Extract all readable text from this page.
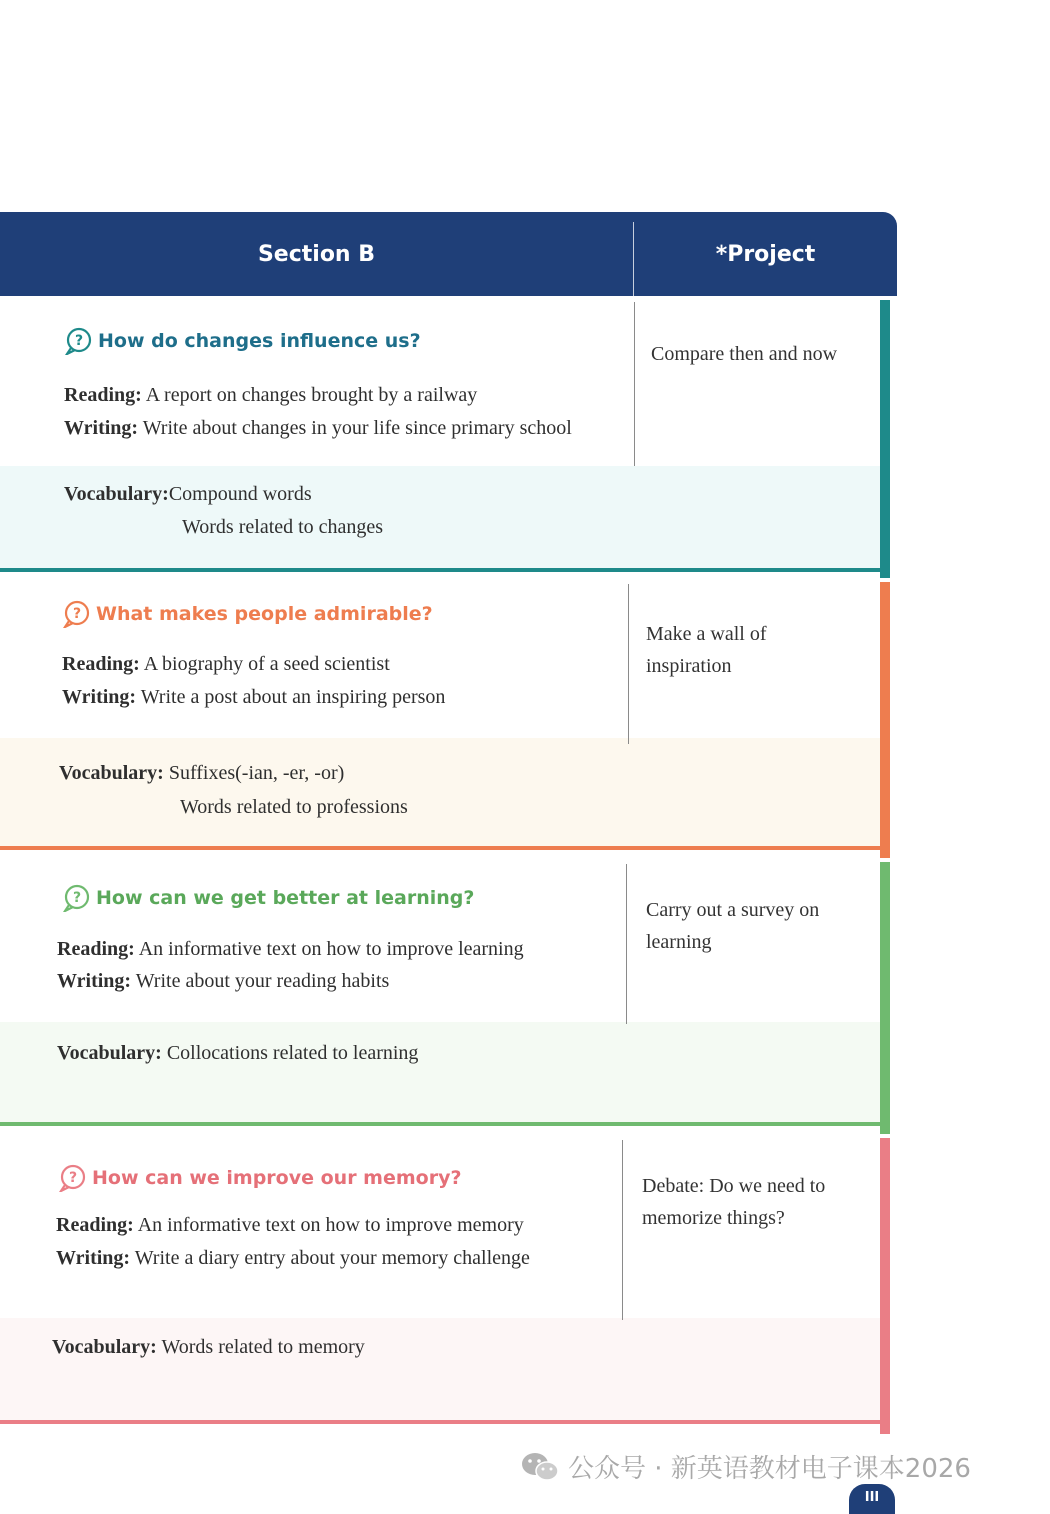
Section B	*Project
? How do changes influence us?
Reading: A report on changes brought by a railway
Writing: Write about changes in your life since primary school
Vocabulary:Compound words
Words related to changes
Compare then and now
? What makes people admirable?
Reading: A biography of a seed scientist
Writing: Write a post about an inspiring person
Vocabulary: Suffixes(-ian, -er, -or)
Words related to professions
Make a wall of inspiration
? How can we get better at learning?
Reading: An informative text on how to improve learning
Writing: Write about your reading habits
Vocabulary: Collocations related to learning
Carry out a survey on learning
? How can we improve our memory?
Reading: An informative text on how to improve memory
Writing: Write a diary entry about your memory challenge
Vocabulary: Words related to memory
Debate: Do we need to memorize things?
公众号 · 新英语教材电子课本2026
III
